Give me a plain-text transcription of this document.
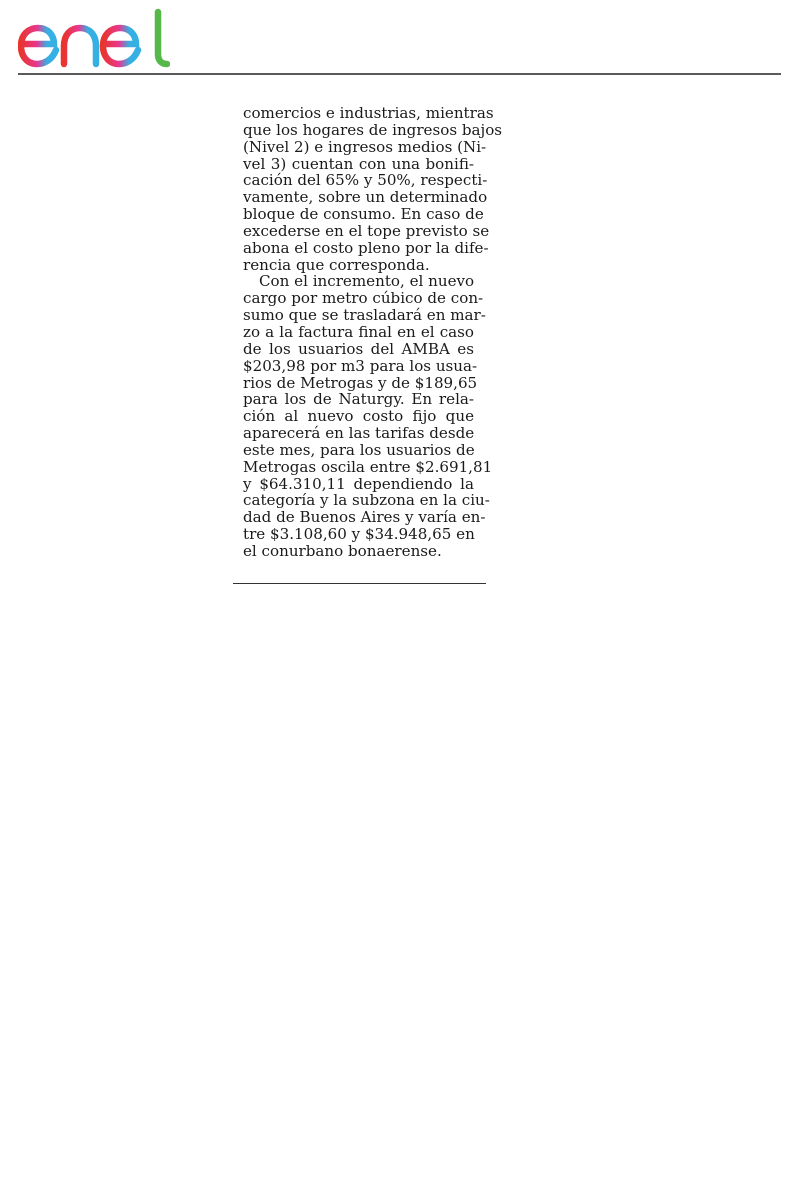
comercios e industrias, mientras
que los hogares de ingresos bajos
(Nivel 2) e ingresos medios (Ni-
vel 3) cuentan con una bonifi-
cación del 65% y 50%, respecti-
vamente, sobre un determinado
bloque de consumo. En caso de
excederse en el tope previsto se
abona el costo pleno por la dife-
rencia que corresponda.
Con el incremento, el nuevo
cargo por metro cúbico de con-
sumo que se trasladará en mar-
zo a la factura final en el caso
de los usuarios del AMBA es
$203,98 por m3 para los usua-
rios de Metrogas y de $189,65
para los de Naturgy. En rela-
ción al nuevo costo fijo que
aparecerá en las tarifas desde
este mes, para los usuarios de
Metrogas oscila entre $2.691,81
y $64.310,11 dependiendo la
categoría y la subzona en la ciu-
dad de Buenos Aires y varía en-
tre $3.108,60 y $34.948,65 en
el conurbano bonaerense.
